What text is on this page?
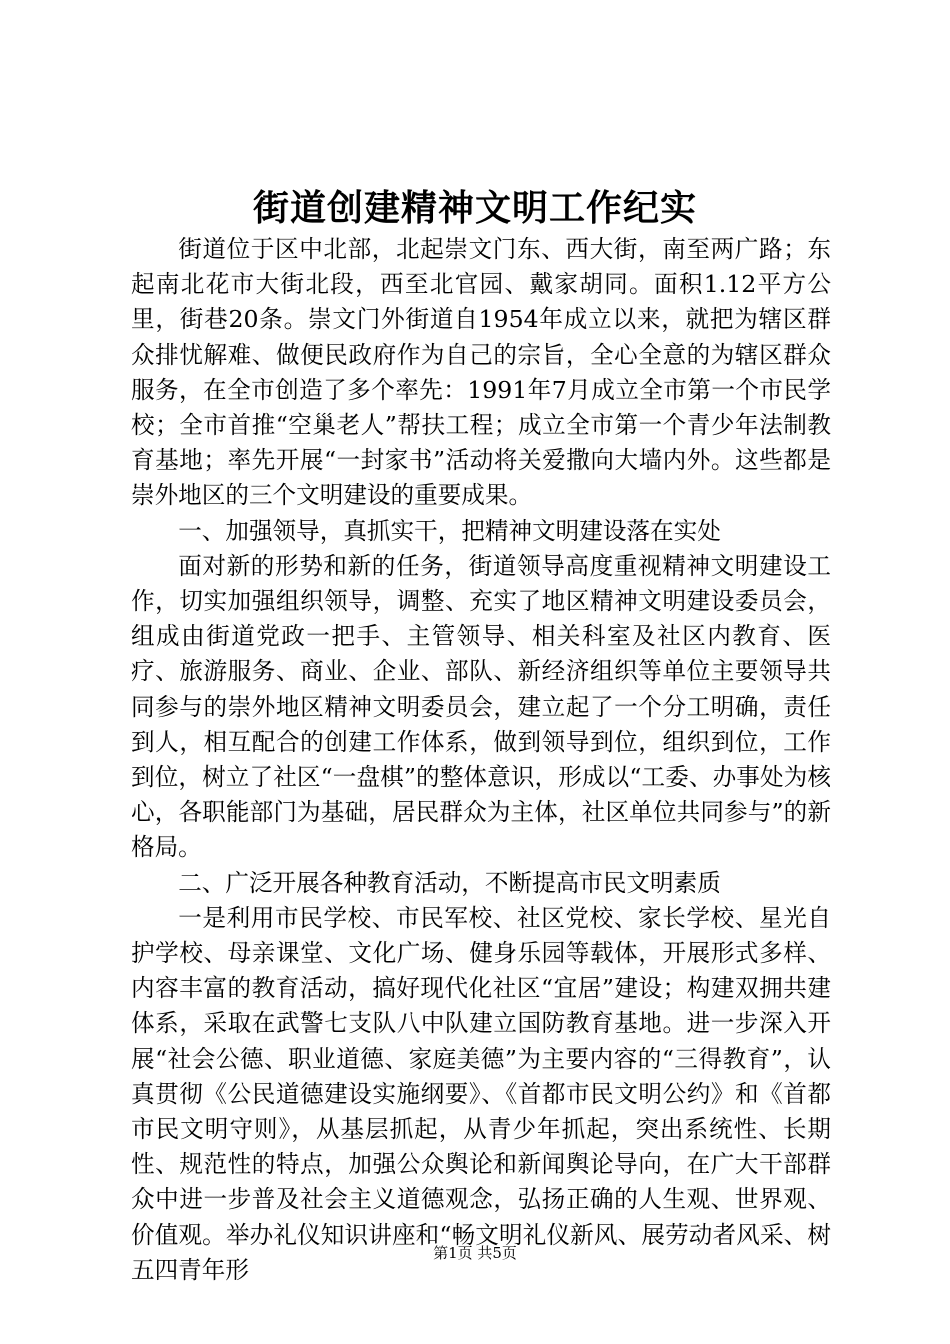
街道创建精神文明工作纪实

街道位于区中北部，北起崇文门东、西大街，南至两广路；东起南北花市大街北段，西至北官园、戴家胡同。面积1.12平方公里，街巷20条。崇文门外街道自1954年成立以来，就把为辖区群众排忧解难、做便民政府作为自己的宗旨，全心全意的为辖区群众服务，在全市创造了多个率先：1991年7月成立全市第一个市民学校；全市首推“空巢老人”帮扶工程；成立全市第一个青少年法制教育基地；率先开展“一封家书”活动将关爱撒向大墙内外。这些都是崇外地区的三个文明建设的重要成果。

一、加强领导，真抓实干，把精神文明建设落在实处

面对新的形势和新的任务，街道领导高度重视精神文明建设工作，切实加强组织领导，调整、充实了地区精神文明建设委员会，组成由街道党政一把手、主管领导、相关科室及社区内教育、医疗、旅游服务、商业、企业、部队、新经济组织等单位主要领导共同参与的崇外地区精神文明委员会，建立起了一个分工明确，责任到人，相互配合的创建工作体系，做到领导到位，组织到位，工作到位，树立了社区“一盘棋”的整体意识，形成以“工委、办事处为核心，各职能部门为基础，居民群众为主体，社区单位共同参与”的新格局。

二、广泛开展各种教育活动，不断提高市民文明素质

一是利用市民学校、市民军校、社区党校、家长学校、星光自护学校、母亲课堂、文化广场、健身乐园等载体，开展形式多样、内容丰富的教育活动，搞好现代化社区“宜居”建设；构建双拥共建体系，采取在武警七支队八中队建立国防教育基地。进一步深入开展“社会公德、职业道德、家庭美德”为主要内容的“三得教育”，认真贯彻《公民道德建设实施纲要》、《首都市民文明公约》和《首都市民文明守则》，从基层抓起，从青少年抓起，突出系统性、长期性、规范性的特点，加强公众舆论和新闻舆论导向，在广大干部群众中进一步普及社会主义道德观念，弘扬正确的人生观、世界观、价值观。举办礼仪知识讲座和“畅文明礼仪新风、展劳动者风采、树五四青年形

第1页 共5页
